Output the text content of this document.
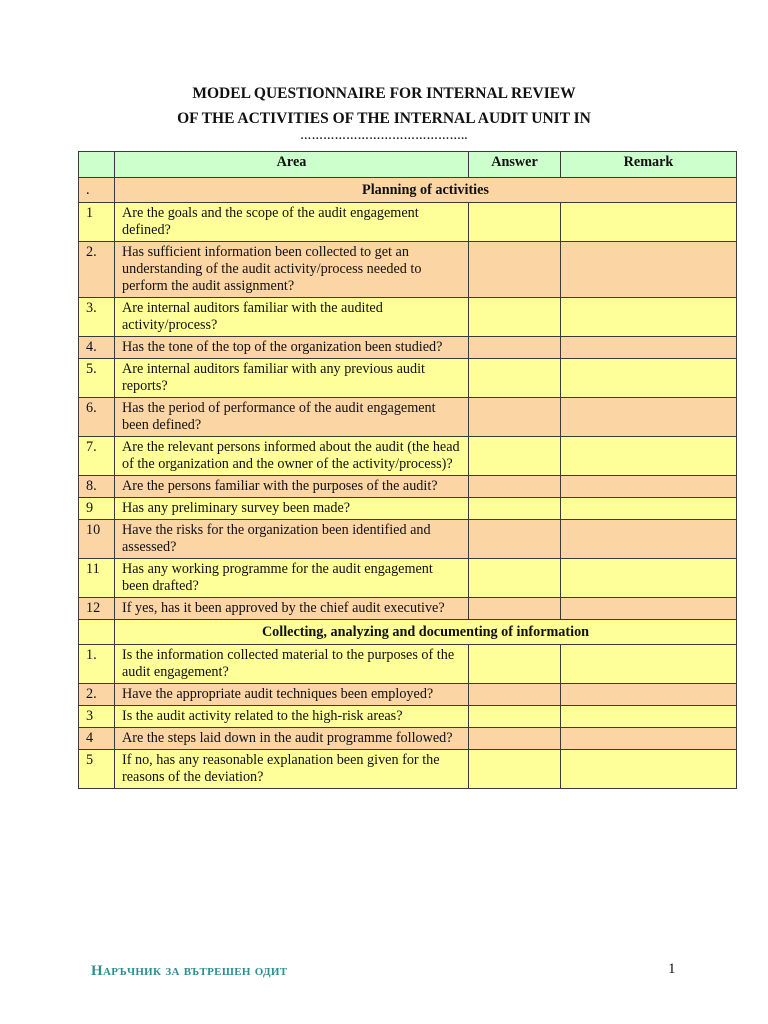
MODEL QUESTIONNAIRE FOR INTERNAL REVIEW
OF THE ACTIVITIES OF THE INTERNAL AUDIT UNIT IN
……………………………………..
	Area	Answer	Remark
.	Planning of activities		
1	Are the goals and the scope of the audit engagement defined?		
2.	Has sufficient information been collected to get an understanding of the audit activity/process needed to perform the audit assignment?		
3.	Are internal auditors familiar with the audited activity/process?		
4.	Has the tone of the top of the organization been studied?		
5.	Are internal auditors familiar with any previous audit reports?		
6.	Has the period of performance of the audit engagement been defined?		
7.	Are the relevant persons informed about the audit (the head of the organization and the owner of the activity/process)?		
8.	Are the persons familiar with the purposes of the audit?		
9	Has any preliminary survey been made?		
10	Have the risks for the organization been identified and assessed?		
11	Has any working programme for the audit engagement been drafted?		
12	If yes, has it been approved by the chief audit executive?		
	Collecting, analyzing and documenting of information		
1.	Is the information collected material to the purposes of the audit engagement?		
2.	Have the appropriate audit techniques been employed?		
3	Is the audit activity related to the high-risk areas?		
4	Are the steps laid down in the audit programme followed?		
5	If no, has any reasonable explanation been given for the reasons of the deviation?		
Наръчник за вътрешен одит	1
